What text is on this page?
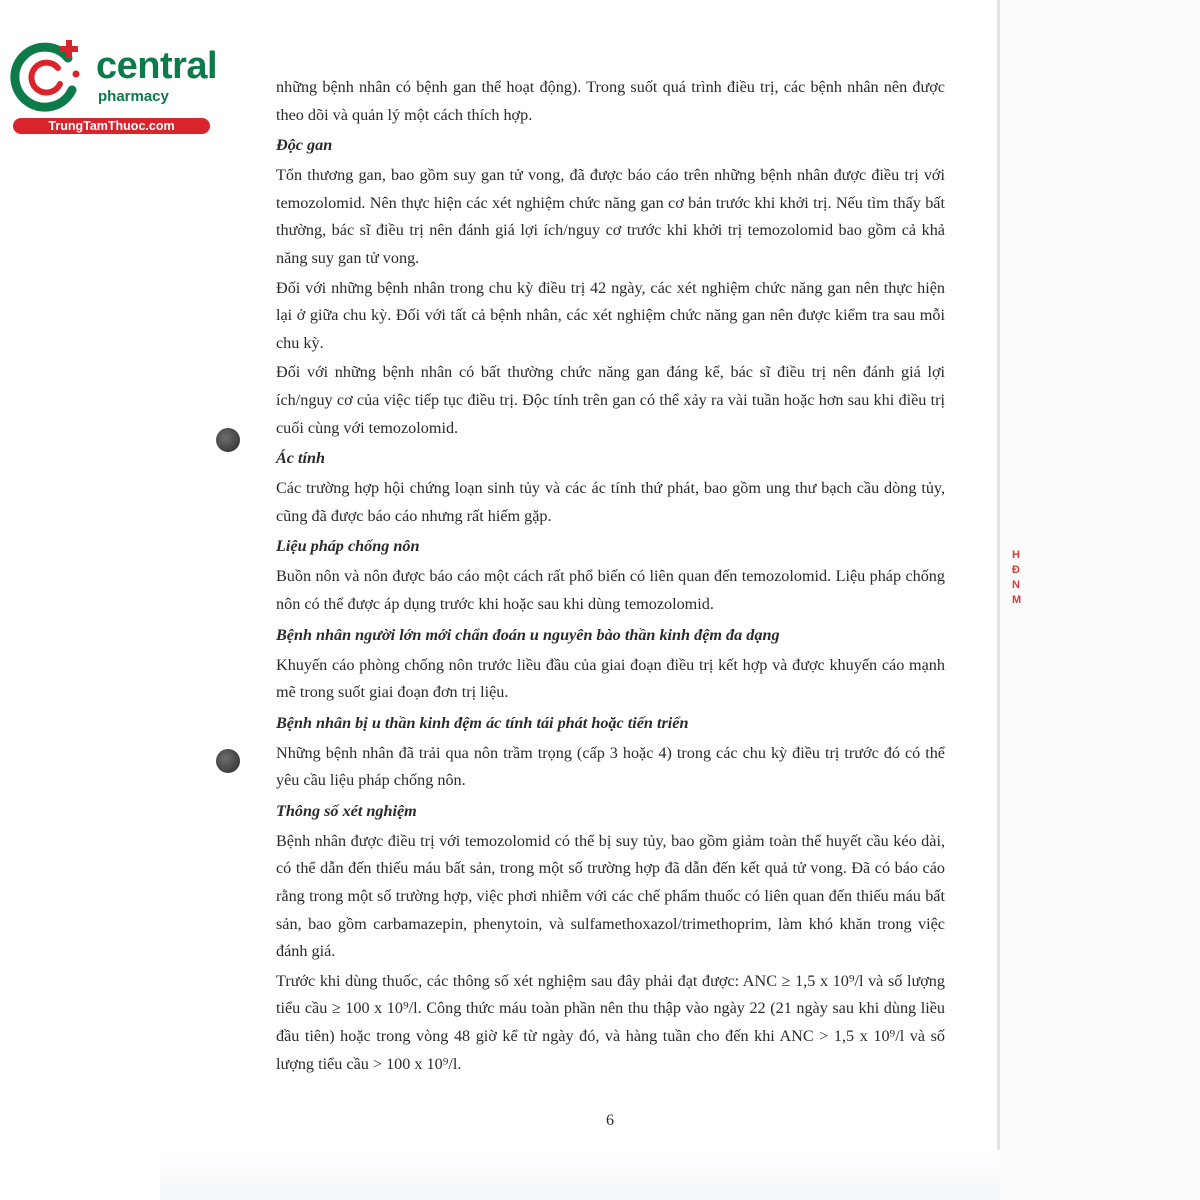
H
Đ
N
M
central
pharmacy
TrungTamThuoc.com

những bệnh nhân có bệnh gan thể hoạt động). Trong suốt quá trình điều trị, các bệnh nhân nên được theo dõi và quản lý một cách thích hợp.

Độc gan

Tổn thương gan, bao gồm suy gan tử vong, đã được báo cáo trên những bệnh nhân được điều trị với temozolomid. Nên thực hiện các xét nghiệm chức năng gan cơ bản trước khi khởi trị. Nếu tìm thấy bất thường, bác sĩ điều trị nên đánh giá lợi ích/nguy cơ trước khi khởi trị temozolomid bao gồm cả khả năng suy gan tử vong.

Đối với những bệnh nhân trong chu kỳ điều trị 42 ngày, các xét nghiệm chức năng gan nên thực hiện lại ở giữa chu kỳ. Đối với tất cả bệnh nhân, các xét nghiệm chức năng gan nên được kiểm tra sau mỗi chu kỳ.

Đối với những bệnh nhân có bất thường chức năng gan đáng kể, bác sĩ điều trị nên đánh giá lợi ích/nguy cơ của việc tiếp tục điều trị. Độc tính trên gan có thể xảy ra vài tuần hoặc hơn sau khi điều trị cuối cùng với temozolomid.

Ác tính

Các trường hợp hội chứng loạn sinh tủy và các ác tính thứ phát, bao gồm ung thư bạch cầu dòng tủy, cũng đã được báo cáo nhưng rất hiếm gặp.

Liệu pháp chống nôn

Buồn nôn và nôn được báo cáo một cách rất phổ biến có liên quan đến temozolomid. Liệu pháp chống nôn có thể được áp dụng trước khi hoặc sau khi dùng temozolomid.

Bệnh nhân người lớn mới chẩn đoán u nguyên bào thần kinh đệm đa dạng

Khuyến cáo phòng chống nôn trước liều đầu của giai đoạn điều trị kết hợp và được khuyến cáo mạnh mẽ trong suốt giai đoạn đơn trị liệu.

Bệnh nhân bị u thần kinh đệm ác tính tái phát hoặc tiến triển

Những bệnh nhân đã trải qua nôn trầm trọng (cấp 3 hoặc 4) trong các chu kỳ điều trị trước đó có thể yêu cầu liệu pháp chống nôn.

Thông số xét nghiệm

Bệnh nhân được điều trị với temozolomid có thể bị suy tủy, bao gồm giảm toàn thể huyết cầu kéo dài, có thể dẫn đến thiếu máu bất sản, trong một số trường hợp đã dẫn đến kết quả tử vong. Đã có báo cáo rằng trong một số trường hợp, việc phơi nhiễm với các chế phẩm thuốc có liên quan đến thiếu máu bất sản, bao gồm carbamazepin, phenytoin, và sulfamethoxazol/trimethoprim, làm khó khăn trong việc đánh giá.

Trước khi dùng thuốc, các thông số xét nghiệm sau đây phải đạt được: ANC ≥ 1,5 x 10⁹/l và số lượng tiểu cầu ≥ 100 x 10⁹/l. Công thức máu toàn phần nên thu thập vào ngày 22 (21 ngày sau khi dùng liều đầu tiên) hoặc trong vòng 48 giờ kể từ ngày đó, và hàng tuần cho đến khi ANC > 1,5 x 10⁹/l và số lượng tiểu cầu > 100 x 10⁹/l.

6
